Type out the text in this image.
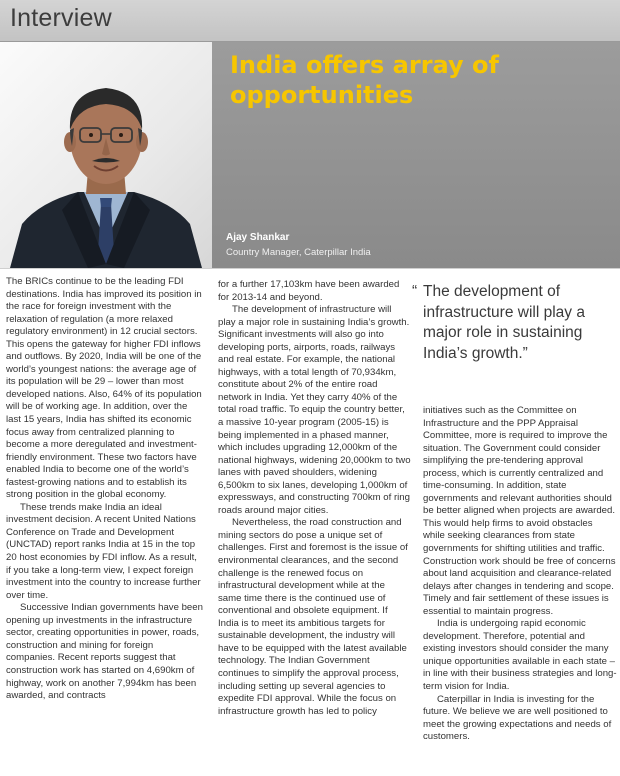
Interview
India offers array of opportunities
Ajay Shankar
Country Manager, Caterpillar India

The BRICs continue to be the leading FDI destinations. India has improved its position in the race for foreign investment with the relaxation of regulation (a more relaxed regulatory environment) in 12 crucial sectors. This opens the gateway for higher FDI inflows and outflows. By 2020, India will be one of the world’s youngest nations: the average age of its population will be 29 – lower than most developed nations. Also, 64% of its population will be of working age. In addition, over the last 15 years, India has shifted its economic focus away from centralized planning to become a more deregulated and investment-friendly environment. These two factors have enabled India to become one of the world’s fastest-growing nations and to establish its strong position in the global economy.

These trends make India an ideal investment decision. A recent United Nations Conference on Trade and Development (UNCTAD) report ranks India at 15 in the top 20 host economies by FDI inflow. As a result, if you take a long-term view, I expect foreign investment into the country to increase further over time.

Successive Indian governments have been opening up investments in the infrastructure sector, creating opportunities in power, roads, construction and mining for foreign companies. Recent reports suggest that construction work has started on 4,690km of highway, work on another 7,994km has been awarded, and contracts

for a further 17,103km have been awarded for 2013-14 and beyond.

The development of infrastructure will play a major role in sustaining India’s growth. Significant investments will also go into developing ports, airports, roads, railways and real estate. For example, the national highways, with a total length of 70,934km, constitute about 2% of the entire road network in India. Yet they carry 40% of the total road traffic. To equip the country better, a massive 10-year program (2005-15) is being implemented in a phased manner, which includes upgrading 12,000km of the national highways, widening 20,000km to two lanes with paved shoulders, widening 6,500km to six lanes, developing 1,000km of expressways, and constructing 700km of ring roads around major cities.

Nevertheless, the road construction and mining sectors do pose a unique set of challenges. First and foremost is the issue of environmental clearances, and the second challenge is the renewed focus on infrastructural development while at the same time there is the continued use of conventional and obsolete equipment. If India is to meet its ambitious targets for sustainable development, the industry will have to be equipped with the latest available technology. The Indian Government continues to simplify the approval process, including setting up several agencies to expedite FDI approval. While the focus on infrastructure growth has led to policy

“ The development of infrastructure will play a major role in sustaining India’s growth.”

initiatives such as the Committee on Infrastructure and the PPP Appraisal Committee, more is required to improve the situation. The Government could consider simplifying the pre-tendering approval process, which is currently centralized and time-consuming. In addition, state governments and relevant authorities should be better aligned when projects are awarded. This would help firms to avoid obstacles while seeking clearances from state governments for shifting utilities and traffic. Construction work should be free of concerns about land acquisition and clearance-related delays after changes in tendering and scope. Timely and fair settlement of these issues is essential to maintain progress.

India is undergoing rapid economic development. Therefore, potential and existing investors should consider the many unique opportunities available in each state – in line with their business strategies and long-term vision for India.

Caterpillar in India is investing for the future. We believe we are well positioned to meet the growing expectations and needs of customers.
